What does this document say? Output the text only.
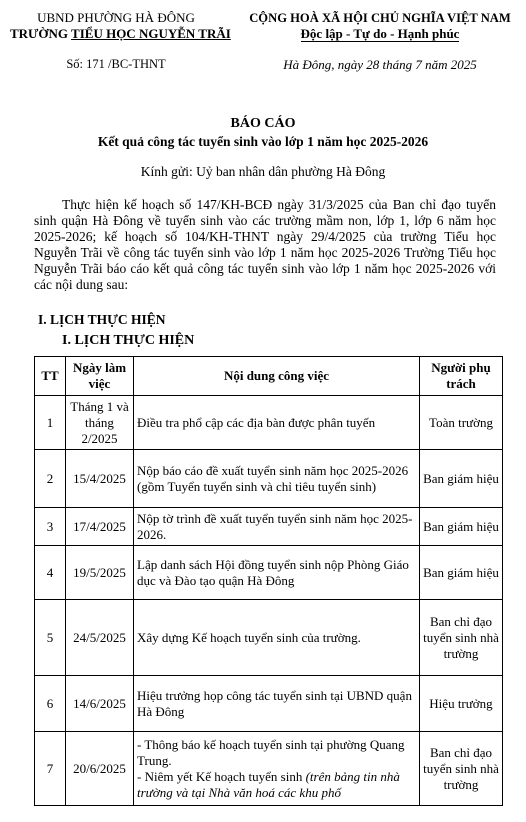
UBND PHƯỜNG HÀ ĐÔNG
TRƯỜNG TIỂU HỌC NGUYỄN TRÃI
Số: 171 /BC-THNT
CỘNG HOÀ XÃ HỘI CHỦ NGHĨA VIỆT NAM
Độc lập - Tự do - Hạnh phúc
Hà Đông, ngày 28 tháng 7 năm 2025
BÁO CÁO
Kết quả công tác tuyển sinh vào lớp 1 năm học 2025-2026
Kính gửi: Uỷ ban nhân dân phường Hà Đông

Thực hiện kế hoạch số 147/KH-BCĐ ngày 31/3/2025 của Ban chỉ đạo tuyển sinh quận Hà Đông về tuyển sinh vào các trường mầm non, lớp 1, lớp 6 năm học 2025-2026; kế hoạch số 104/KH-THNT ngày 29/4/2025 của trường Tiểu học Nguyễn Trãi về công tác tuyển sinh vào lớp 1 năm học 2025-2026 Trường Tiểu học Nguyễn Trãi báo cáo kết quả công tác tuyển sinh vào lớp 1 năm học 2025-2026 với các nội dung sau:

I. LỊCH THỰC HIỆN
I. LỊCH THỰC HIỆN
TT	Ngày làm việc	Nội dung công việc	Người phụ trách
1	Tháng 1 và tháng 2/2025	Điều tra phổ cập các địa bàn được phân tuyến	Toàn trường
2	15/4/2025	Nộp báo cáo đề xuất tuyển sinh năm học 2025-2026 (gồm Tuyển tuyển sinh và chỉ tiêu tuyển sinh)	Ban giám hiệu
3	17/4/2025	Nộp tờ trình đề xuất tuyển tuyển sinh năm học 2025-2026.	Ban giám hiệu
4	19/5/2025	Lập danh sách Hội đồng tuyển sinh nộp Phòng Giáo dục và Đào tạo quận Hà Đông	Ban giám hiệu
5	24/5/2025	Xây dựng Kế hoạch tuyển sinh của trường.	Ban chỉ đạo tuyển sinh nhà trường
6	14/6/2025	Hiệu trưởng họp công tác tuyển sinh tại UBND quận Hà Đông	Hiệu trưởng
7	20/6/2025	- Thông báo kế hoạch tuyển sinh tại phường Quang Trung.
- Niêm yết Kế hoạch tuyển sinh (trên bảng tin nhà trường và tại Nhà văn hoá các khu phố	Ban chỉ đạo tuyển sinh nhà trường
